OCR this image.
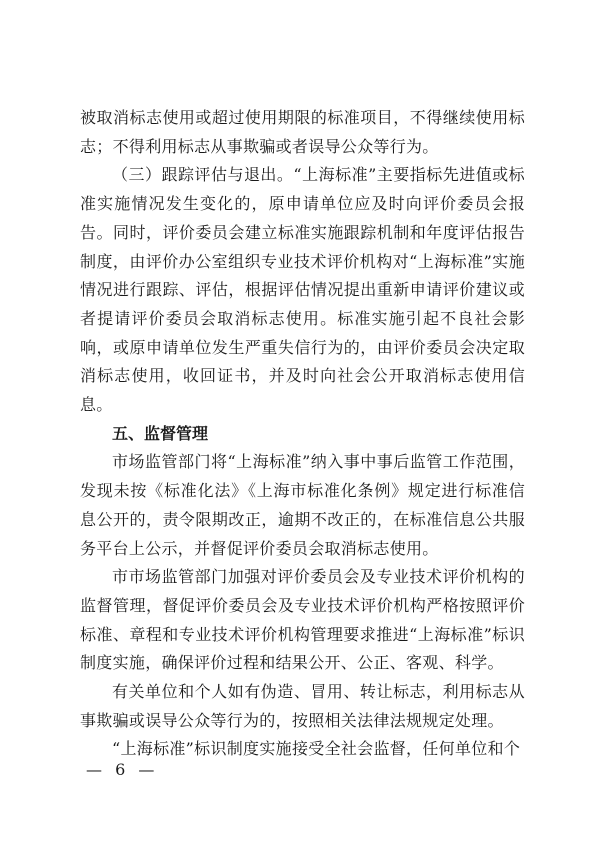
被取消标志使用或超过使用期限的标准项目，不得继续使用标志；不得利用标志从事欺骗或者误导公众等行为。

（三）跟踪评估与退出。“上海标准”主要指标先进值或标准实施情况发生变化的，原申请单位应及时向评价委员会报告。同时，评价委员会建立标准实施跟踪机制和年度评估报告制度，由评价办公室组织专业技术评价机构对“上海标准”实施情况进行跟踪、评估，根据评估情况提出重新申请评价建议或者提请评价委员会取消标志使用。标准实施引起不良社会影响，或原申请单位发生严重失信行为的，由评价委员会决定取消标志使用，收回证书，并及时向社会公开取消标志使用信息。

五、监督管理

市场监管部门将“上海标准”纳入事中事后监管工作范围，发现未按《标准化法》《上海市标准化条例》规定进行标准信息公开的，责令限期改正，逾期不改正的，在标准信息公共服务平台上公示，并督促评价委员会取消标志使用。

市市场监管部门加强对评价委员会及专业技术评价机构的监督管理，督促评价委员会及专业技术评价机构严格按照评价标准、章程和专业技术评价机构管理要求推进“上海标准”标识制度实施，确保评价过程和结果公开、公正、客观、科学。

有关单位和个人如有伪造、冒用、转让标志，利用标志从事欺骗或误导公众等行为的，按照相关法律法规规定处理。

“上海标准”标识制度实施接受全社会监督，任何单位和个

— 6 —
